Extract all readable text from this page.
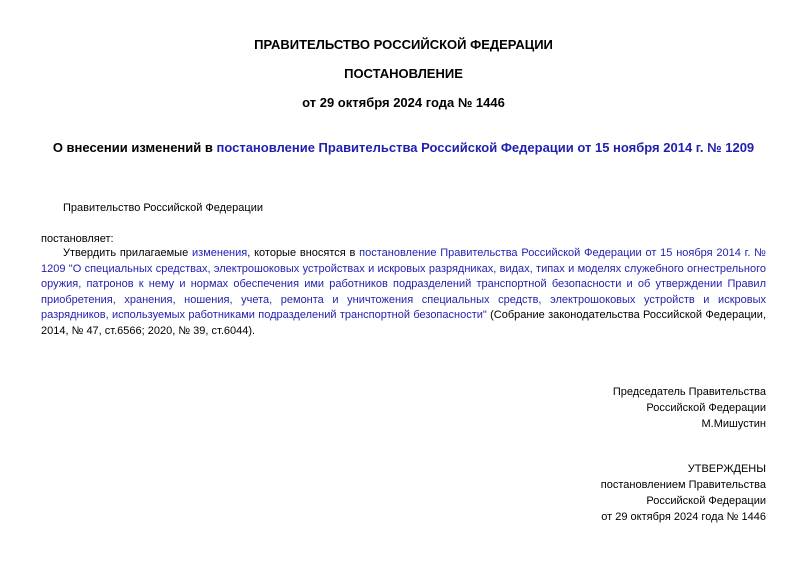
ПРАВИТЕЛЬСТВО РОССИЙСКОЙ ФЕДЕРАЦИИ
ПОСТАНОВЛЕНИЕ
от 29 октября 2024 года № 1446
О внесении изменений в постановление Правительства Российской Федерации от 15 ноября 2014 г. № 1209
Правительство Российской Федерации
постановляет:
Утвердить прилагаемые изменения, которые вносятся в постановление Правительства Российской Федерации от 15 ноября 2014 г. № 1209 "О специальных средствах, электрошоковых устройствах и искровых разрядниках, видах, типах и моделях служебного огнестрельного оружия, патронов к нему и нормах обеспечения ими работников подразделений транспортной безопасности и об утверждении Правил приобретения, хранения, ношения, учета, ремонта и уничтожения специальных средств, электрошоковых устройств и искровых разрядников, используемых работниками подразделений транспортной безопасности" (Собрание законодательства Российской Федерации, 2014, № 47, ст.6566; 2020, № 39, ст.6044).
Председатель Правительства
Российской Федерации
М.Мишустин
УТВЕРЖДЕНЫ
постановлением Правительства
Российской Федерации
от 29 октября 2024 года № 1446
